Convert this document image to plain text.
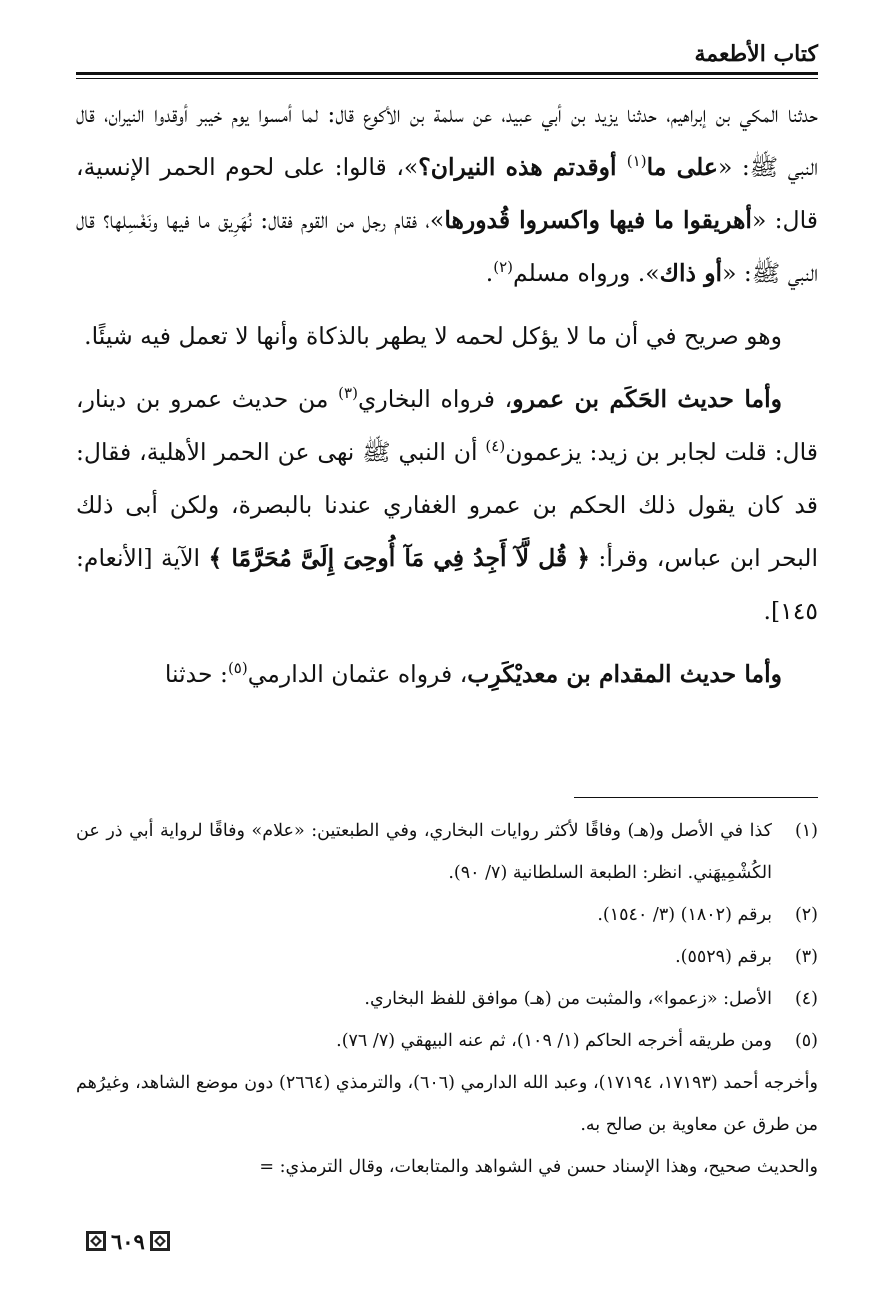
كتاب الأطعمة

حدثنا المكي بن إبراهيم، حدثنا يزيد بن أبي عبيد، عن سلمة بن الأكوع قال: لما أمسوا يوم خيبر أوقدوا النيران، قال النبي ﷺ: «على ما$^{(١)}$ أوقدتم هذه النيران؟»، قالوا: على لحوم الحمر الإنسية، قال: «أهريقوا ما فيها واكسروا قُدورها»، فقام رجل من القوم فقال: نُهَرِيق ما فيها ونَغْسِلها؟ قال النبي ﷺ: «أو ذاك». ورواه مسلم$^{(٢)}$.

وهو صريح في أن ما لا يؤكل لحمه لا يطهر بالذكاة وأنها لا تعمل فيه شيئًا.

وأما حديث الحَكَم بن عمرو، فرواه البخاري$^{(٣)}$ من حديث عمرو بن دينار، قال: قلت لجابر بن زيد: يزعمون$^{(٤)}$ أن النبي ﷺ نهى عن الحمر الأهلية، فقال: قد كان يقول ذلك الحكم بن عمرو الغفاري عندنا بالبصرة، ولكن أبى ذلك البحر ابن عباس، وقرأ: ﴿ قُل لَّآ أَجِدُ فِي مَآ أُوحِىَ إِلَىَّ مُحَرَّمًا ﴾ الآية [الأنعام: ١٤٥].

وأما حديث المقدام بن معديْكَرِب، فرواه عثمان الدارمي$^{(٥)}$: حدثنا

(١)
كذا في الأصل و(هـ) وفاقًا لأكثر روايات البخاري، وفي الطبعتين: «علام» وفاقًا لرواية أبي ذر عن الكُشْمِيهَني. انظر: الطبعة السلطانية (٧/ ٩٠).
(٢)
برقم (١٨٠٢) (٣/ ١٥٤٠).
(٣)
برقم (٥٥٢٩).
(٤)
الأصل: «زعموا»، والمثبت من (هـ) موافق للفظ البخاري.
(٥)
ومن طريقه أخرجه الحاكم (١/ ١٠٩)، ثم عنه البيهقي (٧/ ٧٦).
وأخرجه أحمد (١٧١٩٣، ١٧١٩٤)، وعبد الله الدارمي (٦٠٦)، والترمذي (٢٦٦٤) دون موضع الشاهد، وغيرُهم من طرق عن معاوية بن صالح به.
والحديث صحيح، وهذا الإسناد حسن في الشواهد والمتابعات، وقال الترمذي: =
٦٠٩
